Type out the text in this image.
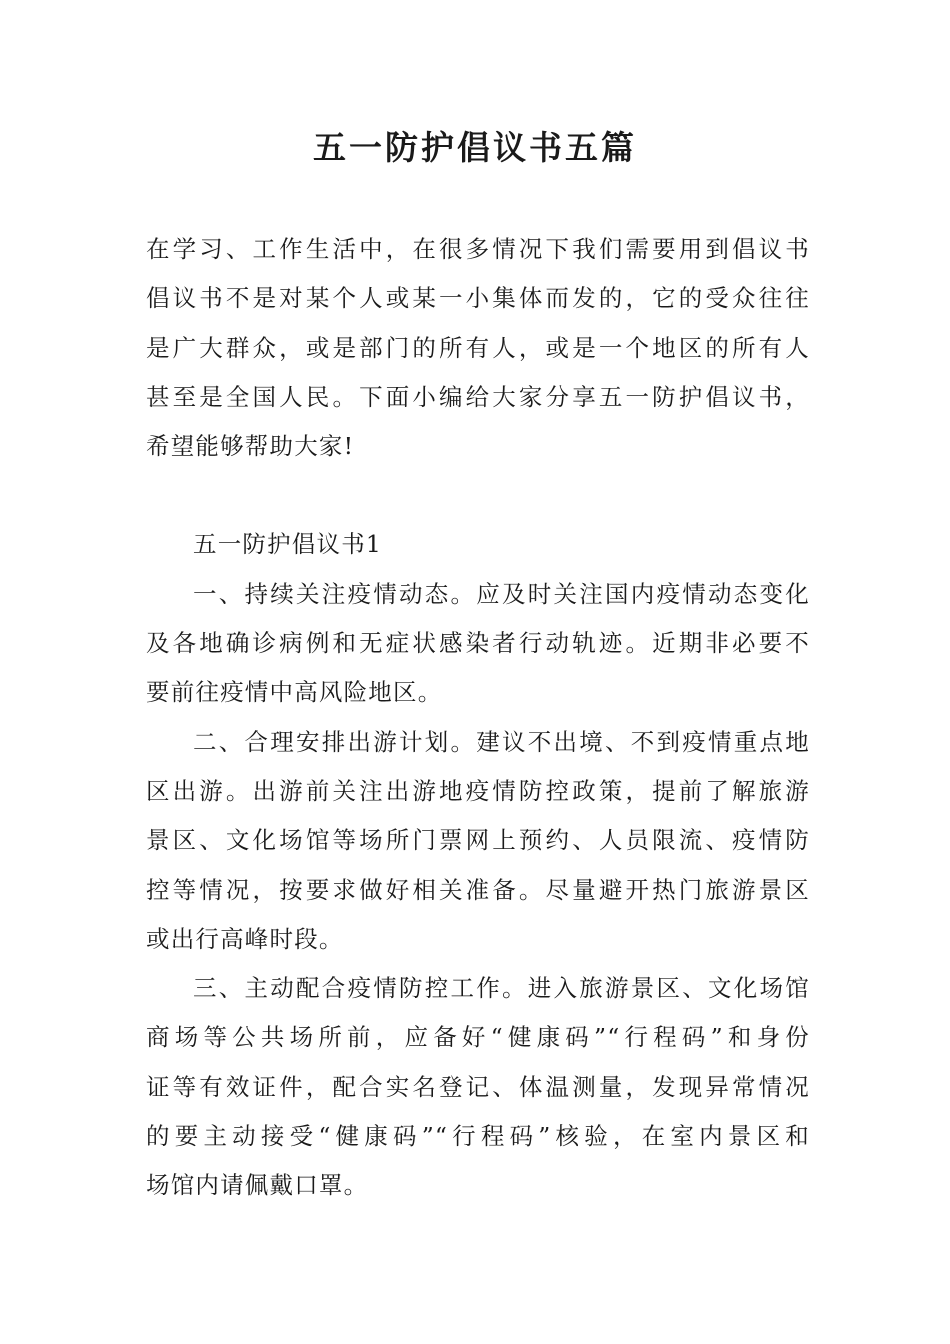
五一防护倡议书五篇

在学习、工作生活中，在很多情况下我们需要用到倡议书
倡议书不是对某个人或某一小集体而发的，它的受众往往
是广大群众，或是部门的所有人，或是一个地区的所有人
甚至是全国人民。下面小编给大家分享五一防护倡议书，
希望能够帮助大家!

五一防护倡议书1

一、持续关注疫情动态。应及时关注国内疫情动态变化
及各地确诊病例和无症状感染者行动轨迹。近期非必要不
要前往疫情中高风险地区。

二、合理安排出游计划。建议不出境、不到疫情重点地
区出游。出游前关注出游地疫情防控政策，提前了解旅游
景区、文化场馆等场所门票网上预约、人员限流、疫情防
控等情况，按要求做好相关准备。尽量避开热门旅游景区
或出行高峰时段。

三、主动配合疫情防控工作。进入旅游景区、文化场馆
商场等公共场所前，应备好“健康码”“行程码”和身份
证等有效证件，配合实名登记、体温测量，发现异常情况
的要主动接受“健康码”“行程码”核验，在室内景区和
场馆内请佩戴口罩。
